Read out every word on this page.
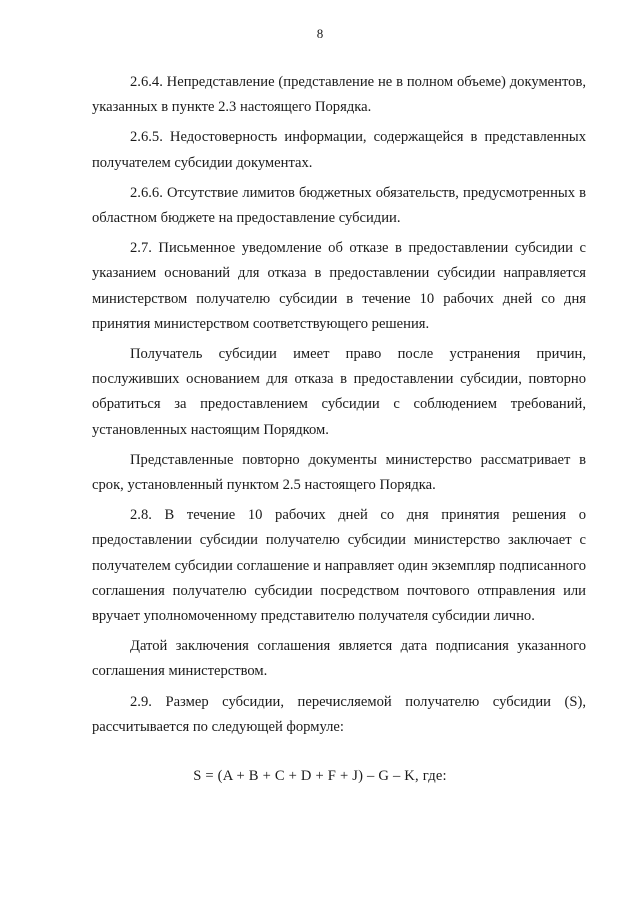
8

2.6.4. Непредставление (представление не в полном объеме) документов, указанных в пункте 2.3 настоящего Порядка.

2.6.5. Недостоверность информации, содержащейся в представленных получателем субсидии документах.

2.6.6. Отсутствие лимитов бюджетных обязательств, предусмотренных в областном бюджете на предоставление субсидии.

2.7. Письменное уведомление об отказе в предоставлении субсидии с указанием оснований для отказа в предоставлении субсидии направляется министерством получателю субсидии в течение 10 рабочих дней со дня принятия министерством соответствующего решения.

Получатель субсидии имеет право после устранения причин, послуживших основанием для отказа в предоставлении субсидии, повторно обратиться за предоставлением субсидии с соблюдением требований, установленных настоящим Порядком.

Представленные повторно документы министерство рассматривает в срок, установленный пунктом 2.5 настоящего Порядка.

2.8. В течение 10 рабочих дней со дня принятия решения о предоставлении субсидии получателю субсидии министерство заключает с получателем субсидии соглашение и направляет один экземпляр подписанного соглашения получателю субсидии посредством почтового отправления или вручает уполномоченному представителю получателя субсидии лично.

Датой заключения соглашения является дата подписания указанного соглашения министерством.

2.9. Размер субсидии, перечисляемой получателю субсидии (S), рассчитывается по следующей формуле:

S = (A + B + C + D + F + J) – G – K, где:
